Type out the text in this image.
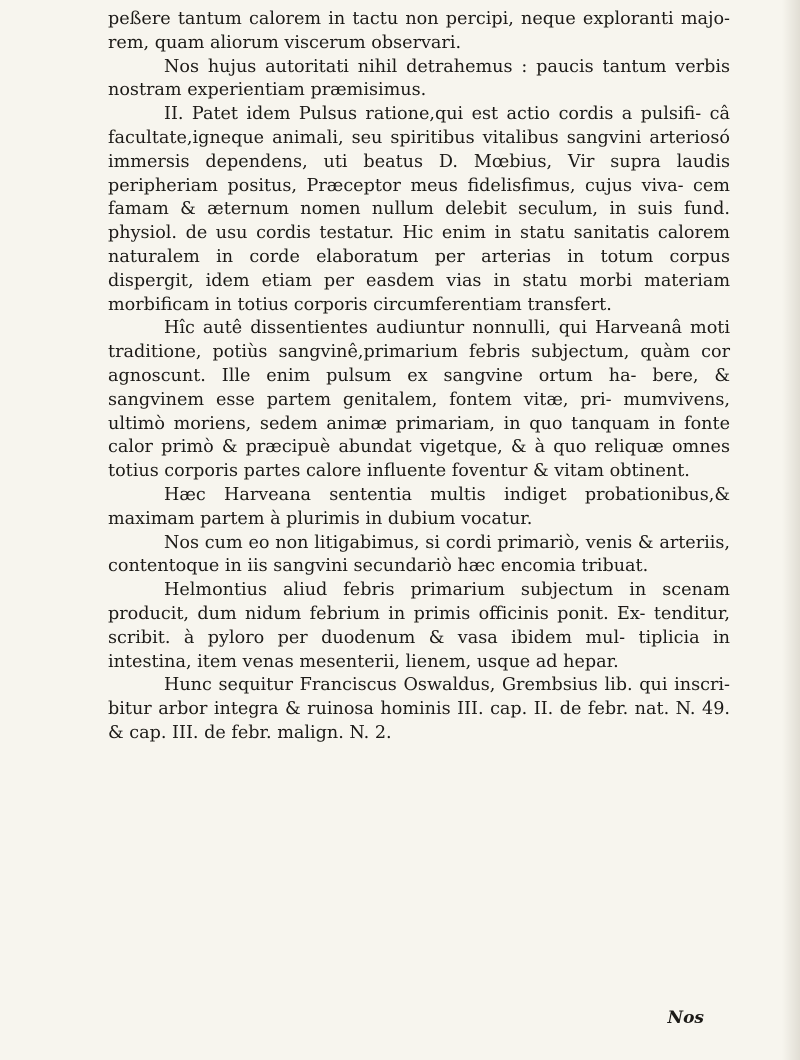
peßere tantum calorem in tactu non percipi, neque exploranti majo- rem, quam aliorum viscerum observari.

Nos hujus autoritati nihil detrahemus : paucis tantum verbis nostram experientiam præmisimus.

II. Patet idem Pulsus ratione,qui est actio cordis a pulsifi- câ facultate,igneque animali, seu spiritibus vitalibus sangvini arteriosó immersis dependens, uti beatus D. Mœbius, Vir supra laudis peripheriam positus, Præceptor meus fidelisfimus, cujus viva- cem famam & æternum nomen nullum delebit seculum, in suis fund. physiol. de usu cordis testatur. Hic enim in statu sanitatis calorem naturalem in corde elaboratum per arterias in totum corpus dispergit, idem etiam per easdem vias in statu morbi materiam morbificam in totius corporis circumferentiam transfert.

Hîc autê dissentientes audiuntur nonnulli, qui Harveanâ moti traditione, potiùs sangvinê,primarium febris subjectum, quàm cor agnoscunt. Ille enim pulsum ex sangvine ortum ha- bere, & sangvinem esse partem genitalem, fontem vitæ, pri- mumvivens, ultimò moriens, sedem animæ primariam, in quo tanquam in fonte calor primò & præcipuè abundat vigetque, & à quo reliquæ omnes totius corporis partes calore influente foventur & vitam obtinent.

Hæc Harveana sententia multis indiget probationibus,& maximam partem à plurimis in dubium vocatur.

Nos cum eo non litigabimus, si cordi primariò, venis & arteriis, contentoque in iis sangvini secundariò hæc encomia tribuat.

Helmontius aliud febris primarium subjectum in scenam producit, dum nidum febrium in primis officinis ponit. Ex- tenditur, scribit. à pyloro per duodenum & vasa ibidem mul- tiplicia in intestina, item venas mesenterii, lienem, usque ad hepar.

Hunc sequitur Franciscus Oswaldus, Grembsius lib. qui inscri- bitur arbor integra & ruinosa hominis III. cap. II. de febr. nat. N. 49. & cap. III. de febr. malign. N. 2.

Nos
